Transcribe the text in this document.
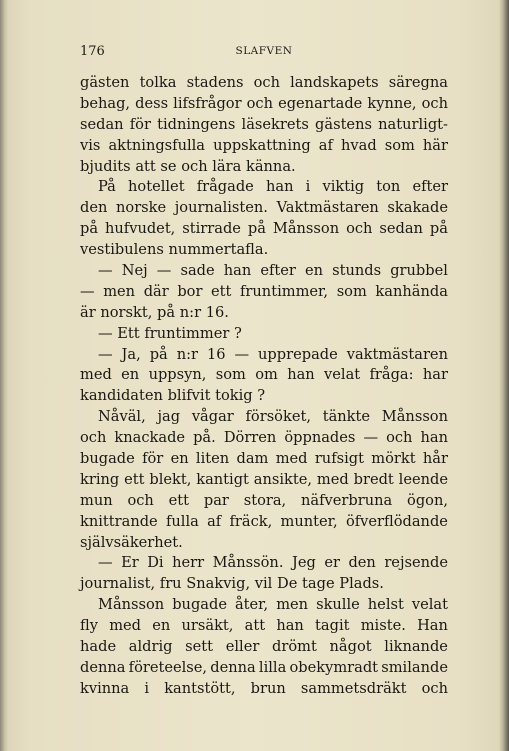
176	SLAFVEN
gästen tolka stadens och landskapets säregna
behag, dess lifsfrågor och egenartade kynne, och
sedan för tidningens läsekrets gästens naturligt-
vis aktningsfulla uppskattning af hvad som här
bjudits att se och lära känna.
På hotellet frågade han i viktig ton efter
den norske journalisten. Vaktmästaren skakade
på hufvudet, stirrade på Månsson och sedan på
vestibulens nummertafla.
— Nej — sade han efter en stunds grubbel
— men där bor ett fruntimmer, som kanhända
är norskt, på n:r 16.
— Ett fruntimmer ?
— Ja, på n:r 16 — upprepade vaktmästaren
med en uppsyn, som om han velat fråga: har
kandidaten blifvit tokig ?
Nåväl, jag vågar försöket, tänkte Månsson
och knackade på. Dörren öppnades — och han
bugade för en liten dam med rufsigt mörkt hår
kring ett blekt, kantigt ansikte, med bredt leende
mun och ett par stora, näfverbruna ögon,
knittrande fulla af fräck, munter, öfverflödande
självsäkerhet.
— Er Di herr Månssön. Jeg er den rejsende
journalist, fru Snakvig, vil De tage Plads.
Månsson bugade åter, men skulle helst velat
fly med en ursäkt, att han tagit miste. Han
hade aldrig sett eller drömt något liknande
denna företeelse, denna lilla obekymradt smilande
kvinna i kantstött, brun sammetsdräkt och
